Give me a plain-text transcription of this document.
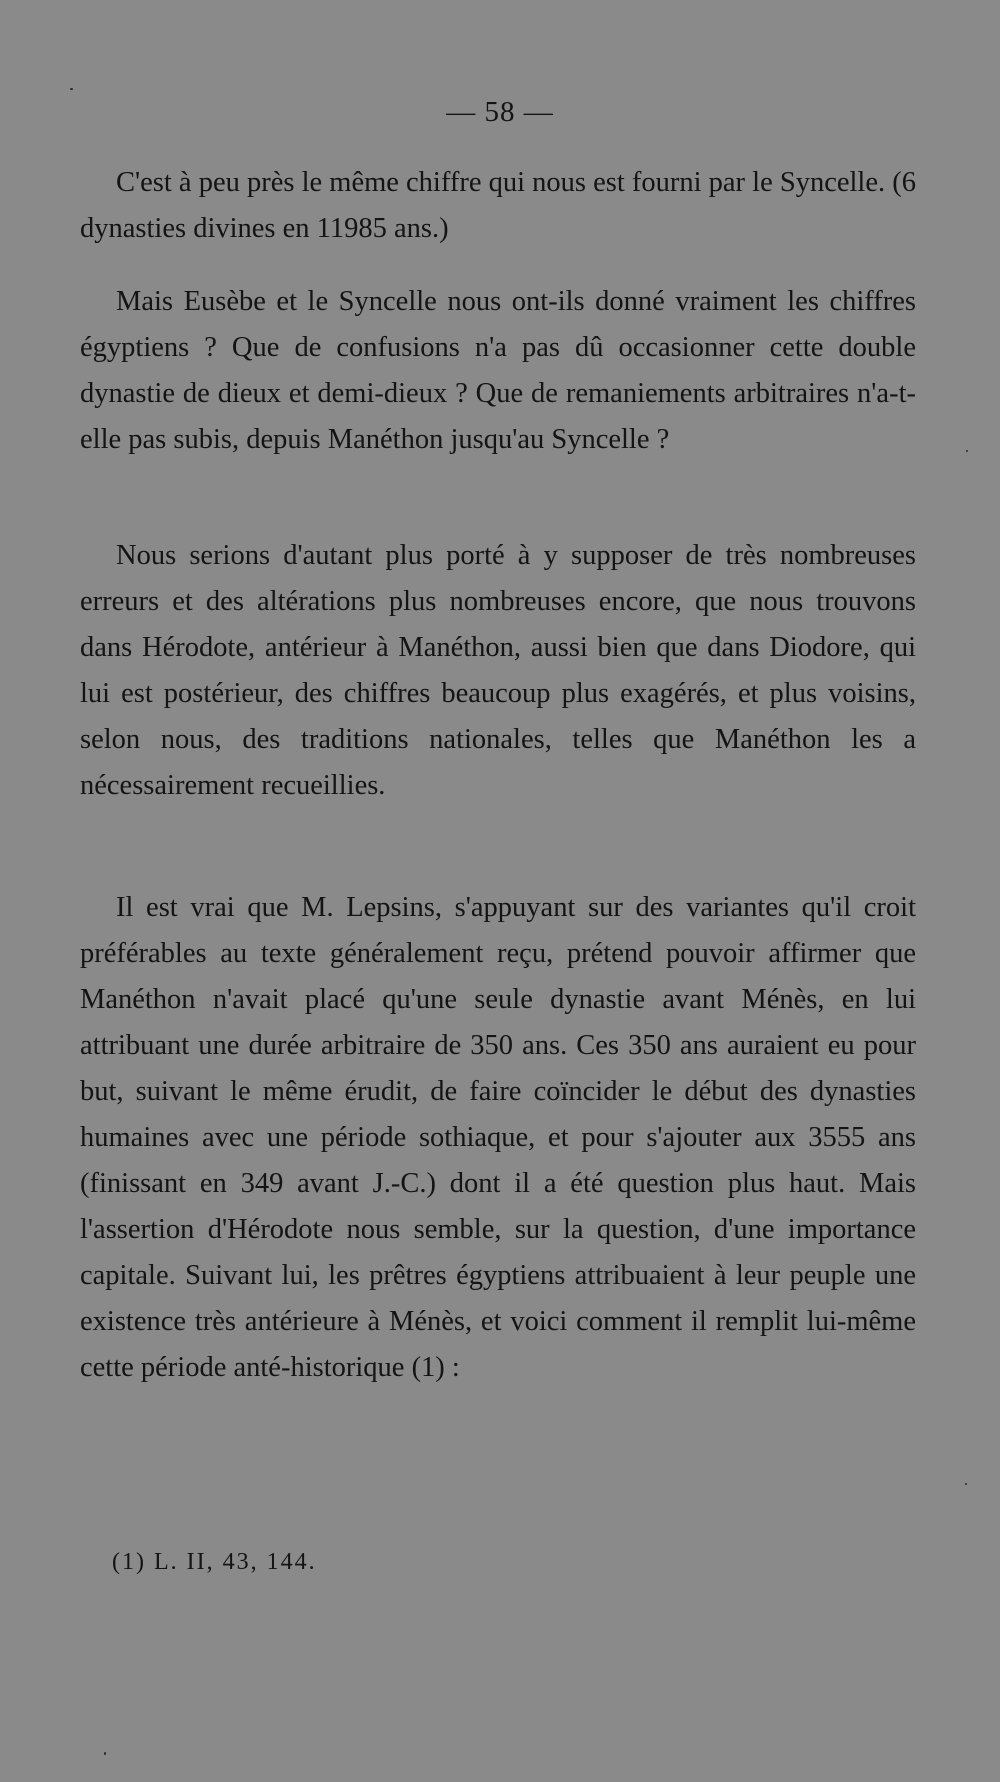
— 58 —

C'est à peu près le même chiffre qui nous est fourni par le Syncelle. (6 dynasties divines en 11985 ans.)

Mais Eusèbe et le Syncelle nous ont-ils donné vraiment les chiffres égyptiens ? Que de confusions n'a pas dû occasionner cette double dynastie de dieux et demi-dieux ? Que de remaniements arbitraires n'a-t-elle pas subis, depuis Manéthon jusqu'au Syncelle ?

Nous serions d'autant plus porté à y supposer de très nombreuses erreurs et des altérations plus nombreuses encore, que nous trouvons dans Hérodote, antérieur à Manéthon, aussi bien que dans Diodore, qui lui est postérieur, des chiffres beaucoup plus exagérés, et plus voisins, selon nous, des traditions nationales, telles que Manéthon les a nécessairement recueillies.

Il est vrai que M. Lepsins, s'appuyant sur des variantes qu'il croit préférables au texte généralement reçu, prétend pouvoir affirmer que Manéthon n'avait placé qu'une seule dynastie avant Ménès, en lui attribuant une durée arbitraire de 350 ans. Ces 350 ans auraient eu pour but, suivant le même érudit, de faire coïncider le début des dynasties humaines avec une période sothiaque, et pour s'ajouter aux 3555 ans (finissant en 349 avant J.-C.) dont il a été question plus haut. Mais l'assertion d'Hérodote nous semble, sur la question, d'une importance capitale. Suivant lui, les prêtres égyptiens attribuaient à leur peuple une existence très antérieure à Ménès, et voici comment il remplit lui-même cette période anté-historique (1) :

(1) L. II, 43, 144.
